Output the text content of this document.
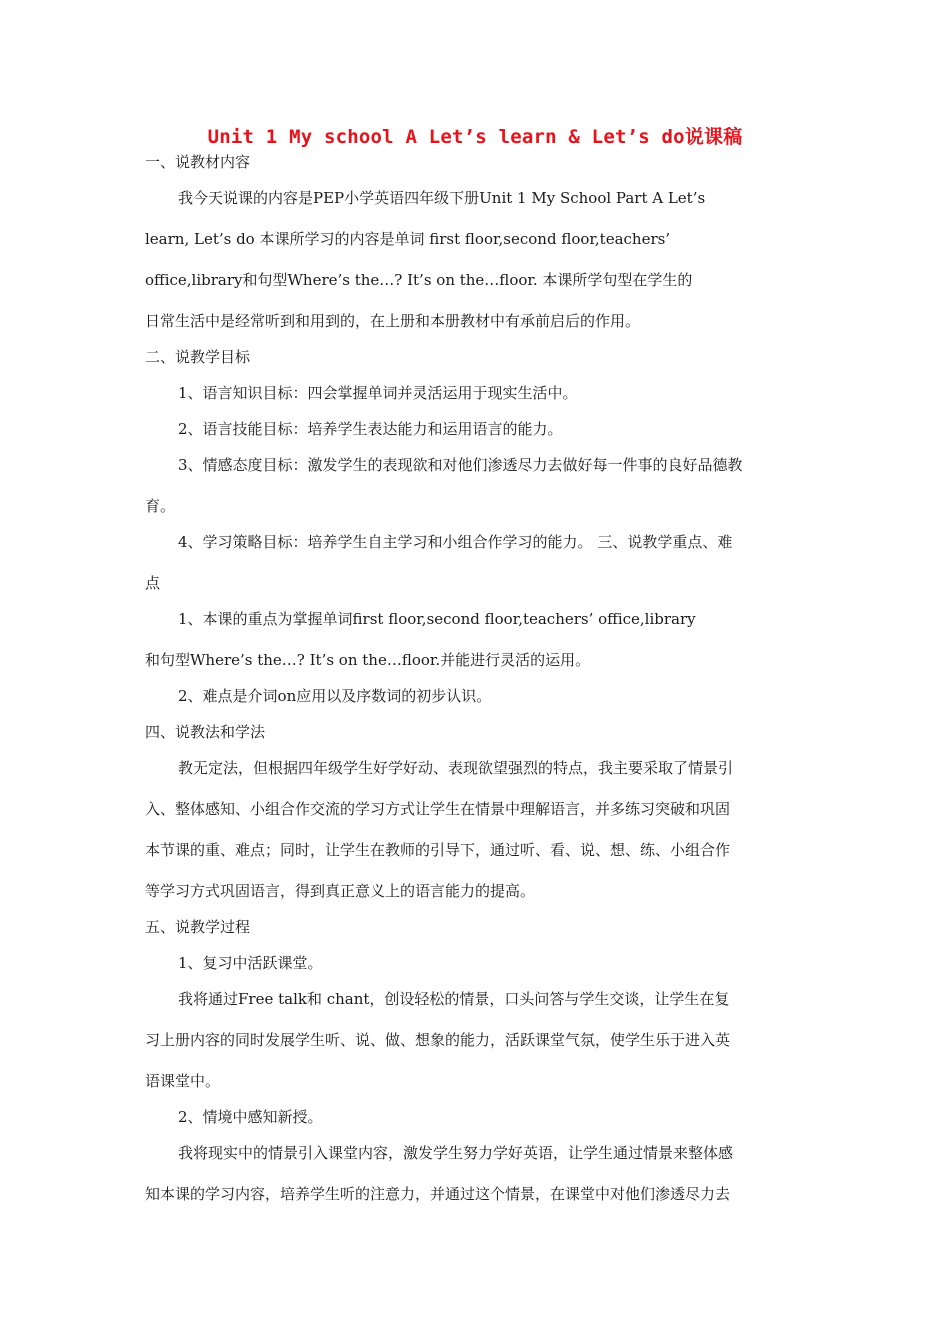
Unit 1 My school A Let’s learn & Let’s do说课稿
一、说教材内容
我今天说课的内容是PEP小学英语四年级下册Unit 1 My School Part A Let’s
learn, Let’s do 本课所学习的内容是单词 first floor,second floor,teachers’
office,library和句型Where’s the…? It’s on the…floor. 本课所学句型在学生的
日常生活中是经常听到和用到的，在上册和本册教材中有承前启后的作用。
二、说教学目标
1、语言知识目标：四会掌握单词并灵活运用于现实生活中。
2、语言技能目标：培养学生表达能力和运用语言的能力。
3、情感态度目标：激发学生的表现欲和对他们渗透尽力去做好每一件事的良好品德教
育。
4、学习策略目标：培养学生自主学习和小组合作学习的能力。 三、说教学重点、难
点
1、本课的重点为掌握单词first floor,second floor,teachers’ office,library
和句型Where’s the…? It’s on the…floor.并能进行灵活的运用。
2、难点是介词on应用以及序数词的初步认识。
四、说教法和学法
教无定法，但根据四年级学生好学好动、表现欲望强烈的特点，我主要采取了情景引
入、整体感知、小组合作交流的学习方式让学生在情景中理解语言，并多练习突破和巩固
本节课的重、难点；同时，让学生在教师的引导下，通过听、看、说、想、练、小组合作
等学习方式巩固语言，得到真正意义上的语言能力的提高。
五、说教学过程
1、复习中活跃课堂。
我将通过Free talk和 chant，创设轻松的情景，口头问答与学生交谈，让学生在复
习上册内容的同时发展学生听、说、做、想象的能力，活跃课堂气氛，使学生乐于进入英
语课堂中。
2、情境中感知新授。
我将现实中的情景引入课堂内容，激发学生努力学好英语，让学生通过情景来整体感
知本课的学习内容，培养学生听的注意力，并通过这个情景，在课堂中对他们渗透尽力去
